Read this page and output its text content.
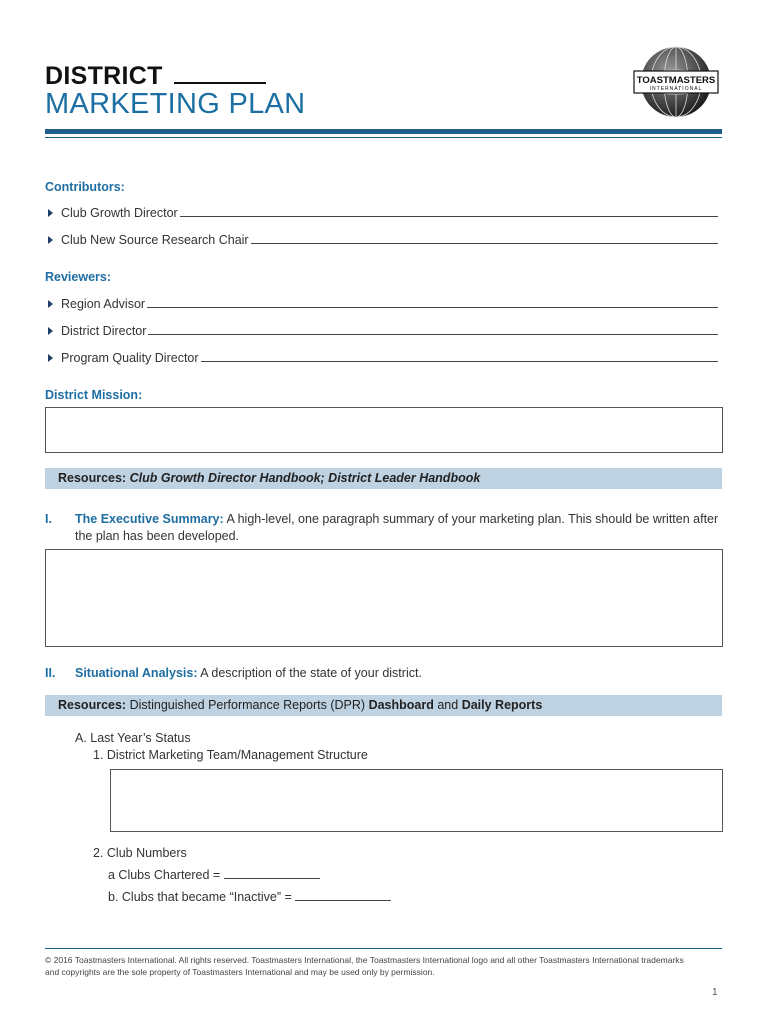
DISTRICT
MARKETING PLAN
TOASTMASTERS
INTERNATIONAL
Contributors:
Club Growth Director
Club New Source Research Chair
Reviewers:
Region Advisor
District Director
Program Quality Director
District Mission:
Resources: Club Growth Director Handbook; District Leader Handbook
I. The Executive Summary: A high-level, one paragraph summary of your marketing plan. This should be written after
the plan has been developed.
II. Situational Analysis: A description of the state of your district.
Resources: Distinguished Performance Reports (DPR) Dashboard and Daily Reports
A. Last Year’s Status
1. District Marketing Team/Management Structure
2. Club Numbers
a Clubs Chartered =
b. Clubs that became “Inactive” =
© 2016 Toastmasters International. All rights reserved. Toastmasters International, the Toastmasters International logo and all other Toastmasters International trademarks
and copyrights are the sole property of Toastmasters International and may be used only by permission.
1
